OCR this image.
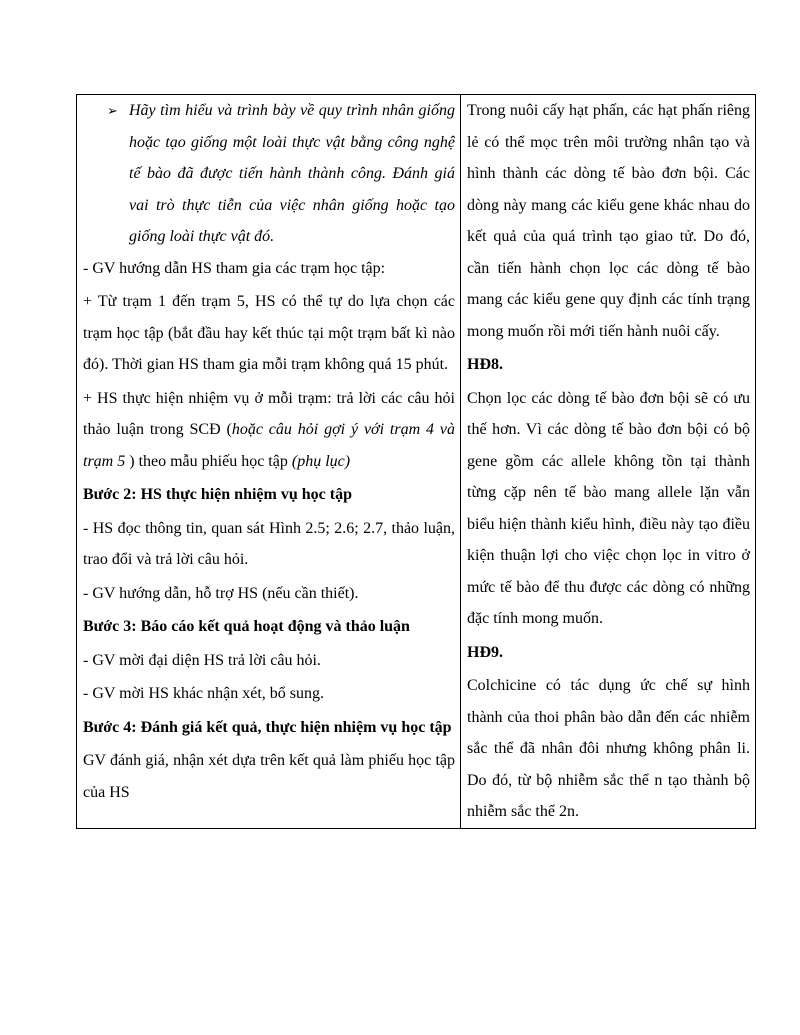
➢ Hãy tìm hiểu và trình bày về quy trình nhân giống hoặc tạo giống một loài thực vật bằng công nghệ tế bào đã được tiến hành thành công. Đánh giá vai trò thực tiễn của việc nhân giống hoặc tạo giống loài thực vật đó.

- GV hướng dẫn HS tham gia các trạm học tập:

+ Từ trạm 1 đến trạm 5, HS có thể tự do lựa chọn các trạm học tập (bắt đầu hay kết thúc tại một trạm bất kì nào đó). Thời gian HS tham gia mỗi trạm không quá 15 phút.

+ HS thực hiện nhiệm vụ ở mỗi trạm: trả lời các câu hỏi thảo luận trong SCĐ (hoặc câu hỏi gợi ý với trạm 4 và trạm 5 ) theo mẫu phiếu học tập (phụ lục)

Bước 2: HS thực hiện nhiệm vụ học tập

- HS đọc thông tin, quan sát Hình 2.5; 2.6; 2.7, thảo luận, trao đổi và trả lời câu hỏi.

- GV hướng dẫn, hỗ trợ HS (nếu cần thiết).

Bước 3: Báo cáo kết quả hoạt động và thảo luận

- GV mời đại diện HS trả lời câu hỏi.

- GV mời HS khác nhận xét, bổ sung.

Bước 4: Đánh giá kết quả, thực hiện nhiệm vụ học tập

GV đánh giá, nhận xét dựa trên kết quả làm phiếu học tập của HS

Trong nuôi cấy hạt phấn, các hạt phấn riêng lẻ có thể mọc trên môi trường nhân tạo và hình thành các dòng tế bào đơn bội. Các dòng này mang các kiểu gene khác nhau do kết quả của quá trình tạo giao tử. Do đó, cần tiến hành chọn lọc các dòng tế bào mang các kiểu gene quy định các tính trạng mong muốn rồi mới tiến hành nuôi cấy.

HĐ8.

Chọn lọc các dòng tế bào đơn bội sẽ có ưu thế hơn. Vì các dòng tế bào đơn bội có bộ gene gồm các allele không tồn tại thành từng cặp nên tế bào mang allele lặn vẫn biểu hiện thành kiểu hình, điều này tạo điều kiện thuận lợi cho việc chọn lọc in vitro ở mức tế bào để thu được các dòng có những đặc tính mong muốn.

HĐ9.

Colchicine có tác dụng ức chế sự hình thành của thoi phân bào dẫn đến các nhiễm sắc thể đã nhân đôi nhưng không phân li. Do đó, từ bộ nhiễm sắc thể n tạo thành bộ nhiễm sắc thể 2n.
